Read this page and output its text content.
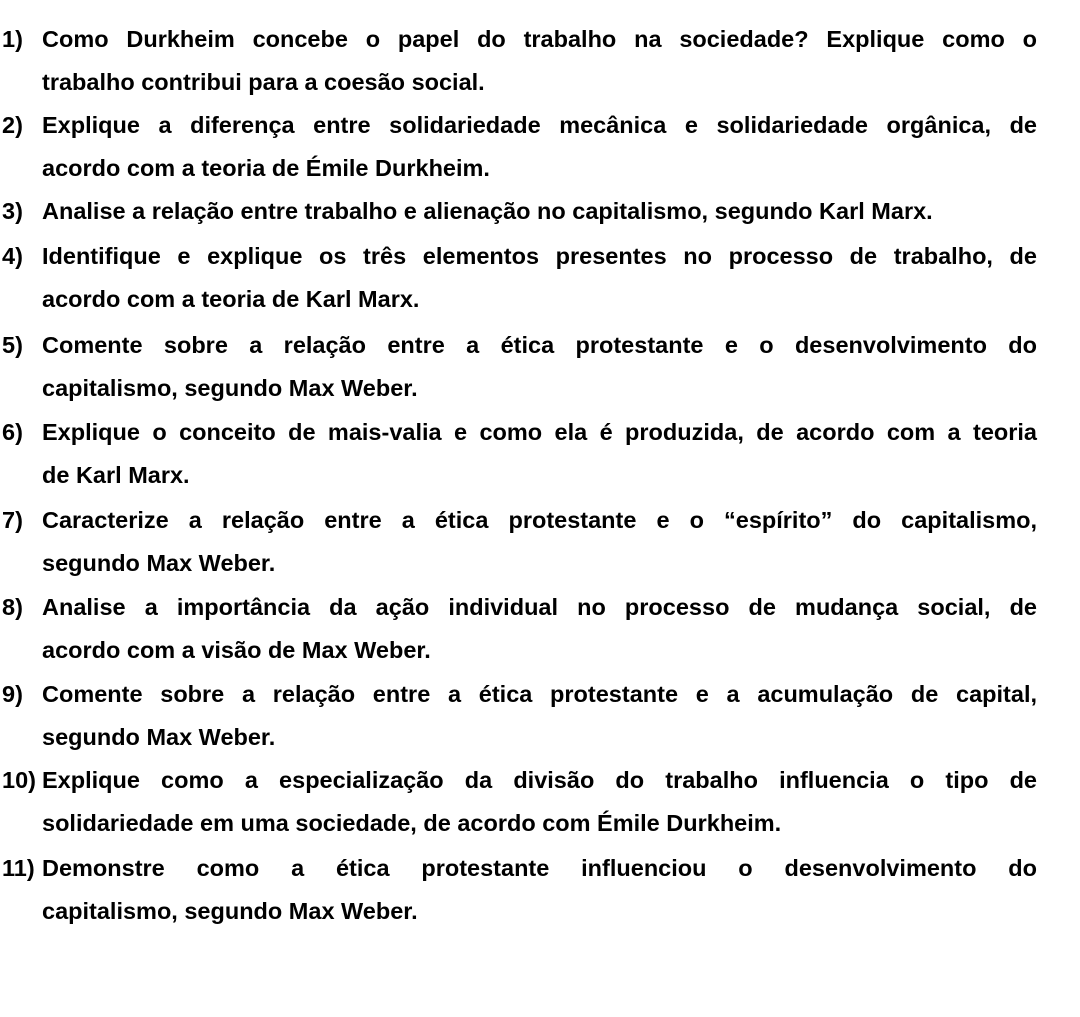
1) Como Durkheim concebe o papel do trabalho na sociedade? Explique como o
trabalho contribui para a coesão social.
2) Explique a diferença entre solidariedade mecânica e solidariedade orgânica, de
acordo com a teoria de Émile Durkheim.
3) Analise a relação entre trabalho e alienação no capitalismo, segundo Karl Marx.
4) Identifique e explique os três elementos presentes no processo de trabalho, de
acordo com a teoria de Karl Marx.
5) Comente sobre a relação entre a ética protestante e o desenvolvimento do
capitalismo, segundo Max Weber.
6) Explique o conceito de mais-valia e como ela é produzida, de acordo com a teoria
de Karl Marx.
7) Caracterize a relação entre a ética protestante e o “espírito” do capitalismo,
segundo Max Weber.
8) Analise a importância da ação individual no processo de mudança social, de
acordo com a visão de Max Weber.
9) Comente sobre a relação entre a ética protestante e a acumulação de capital,
segundo Max Weber.
10) Explique como a especialização da divisão do trabalho influencia o tipo de
solidariedade em uma sociedade, de acordo com Émile Durkheim.
11) Demonstre como a ética protestante influenciou o desenvolvimento do
capitalismo, segundo Max Weber.
